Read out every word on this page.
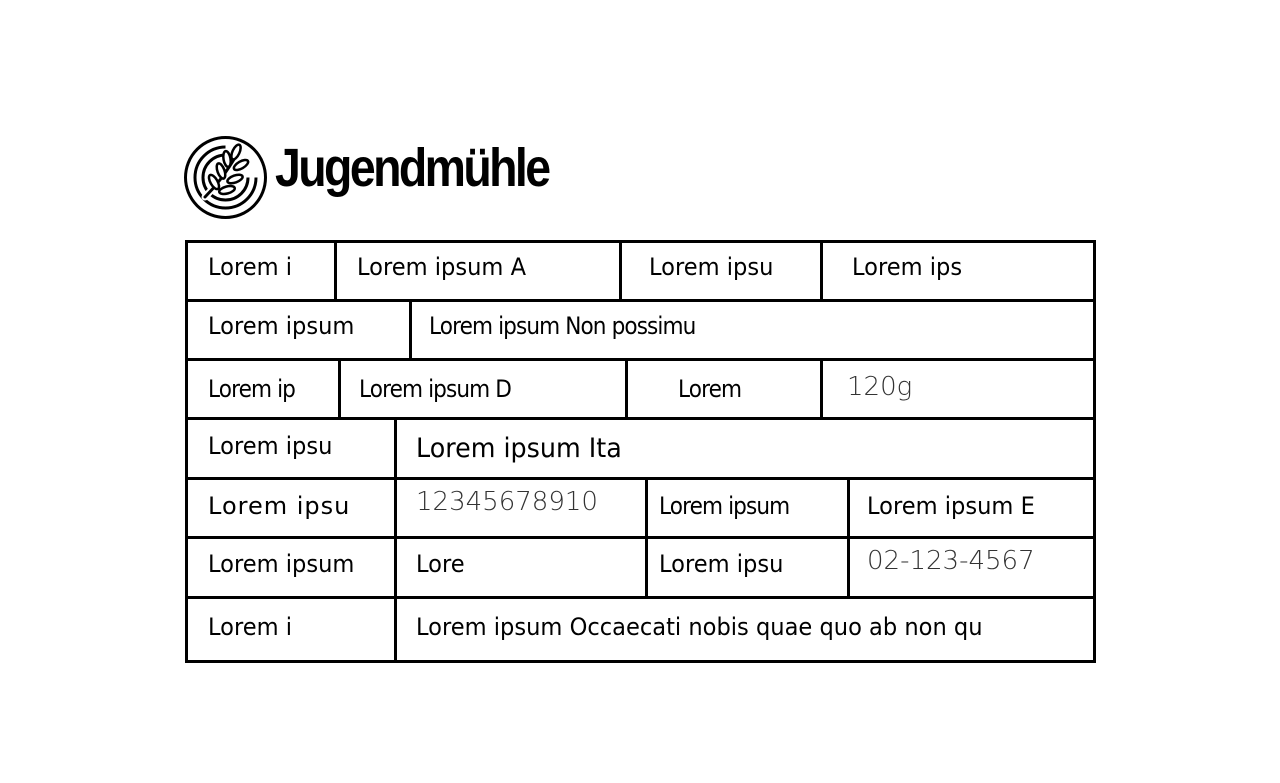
Jugendmühle
Lorem i	Lorem ipsum A	Lorem ipsu	Lorem ips
Lorem ipsum	Lorem ipsum Non possimu
Lorem ip	Lorem ipsum D	Lorem	120g
Lorem ipsu	Lorem ipsum Ita
Lorem ipsu	12345678910	Lorem ipsum	Lorem ipsum E
Lorem ipsum	Lore	Lorem ipsu	02-123-4567
Lorem i	Lorem ipsum Occaecati nobis quae quo ab non qu
